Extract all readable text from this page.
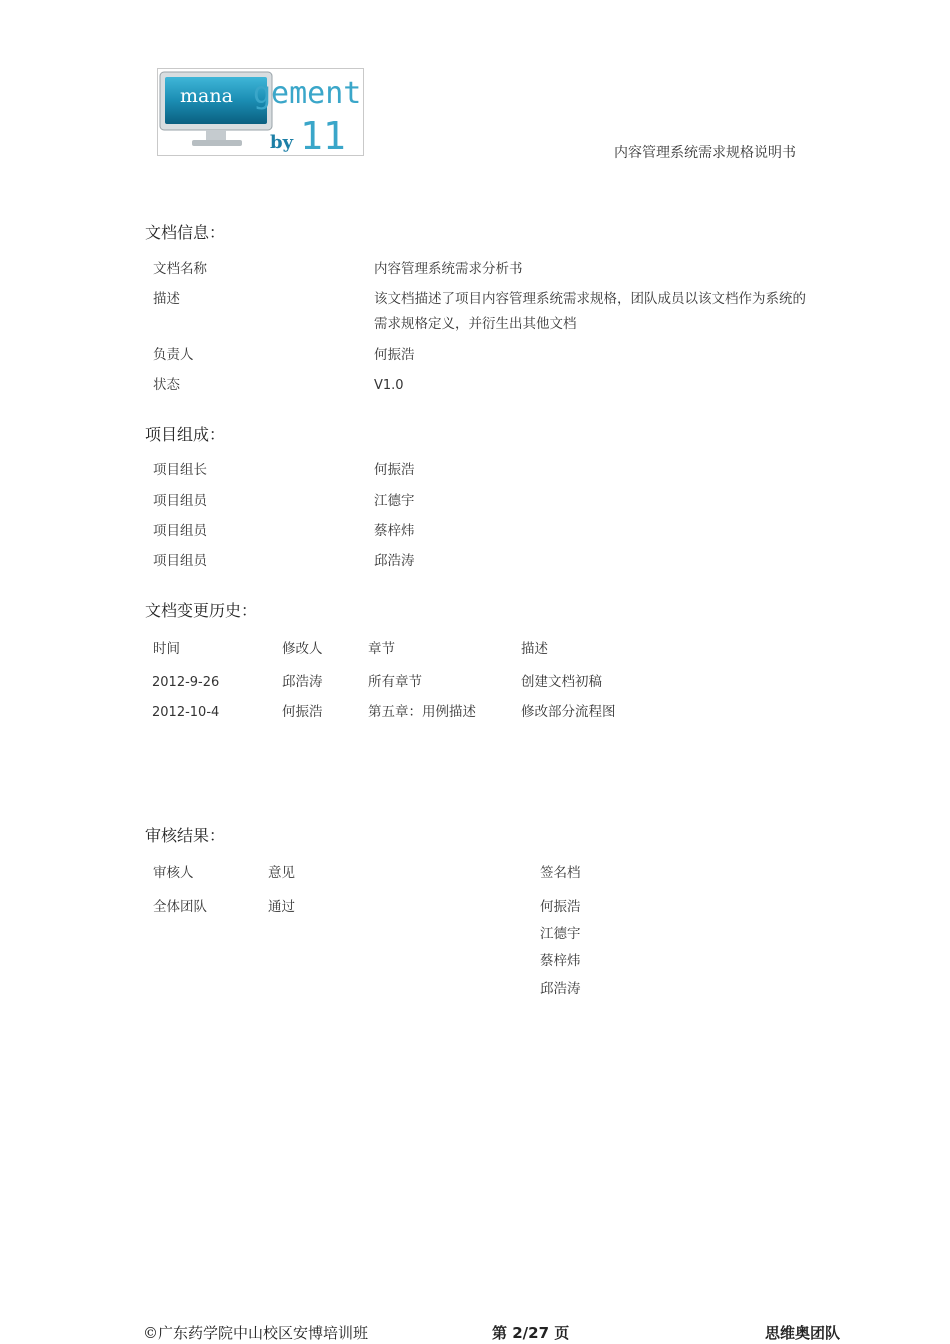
mana gement
by 11	内容管理系统需求规格说明书
文档信息：
文档名称	内容管理系统需求分析书
描述	该文档描述了项目内容管理系统需求规格，团队成员以该文档作为系统的需求规格定义，并衍生出其他文档
负责人	何振浩
状态	V1.0
项目组成：
项目组长	何振浩
项目组员	江德宇
项目组员	蔡梓炜
项目组员	邱浩涛
文档变更历史：
时间	修改人	章节	描述
2012-9-26	邱浩涛	所有章节	创建文档初稿
2012-10-4	何振浩	第五章：用例描述	修改部分流程图
审核结果：
审核人	意见	签名档
全体团队	通过	何振浩
江德宇
蔡梓炜
邱浩涛
©广东药学院中山校区安博培训班	第 2/27 页	思维奥团队
